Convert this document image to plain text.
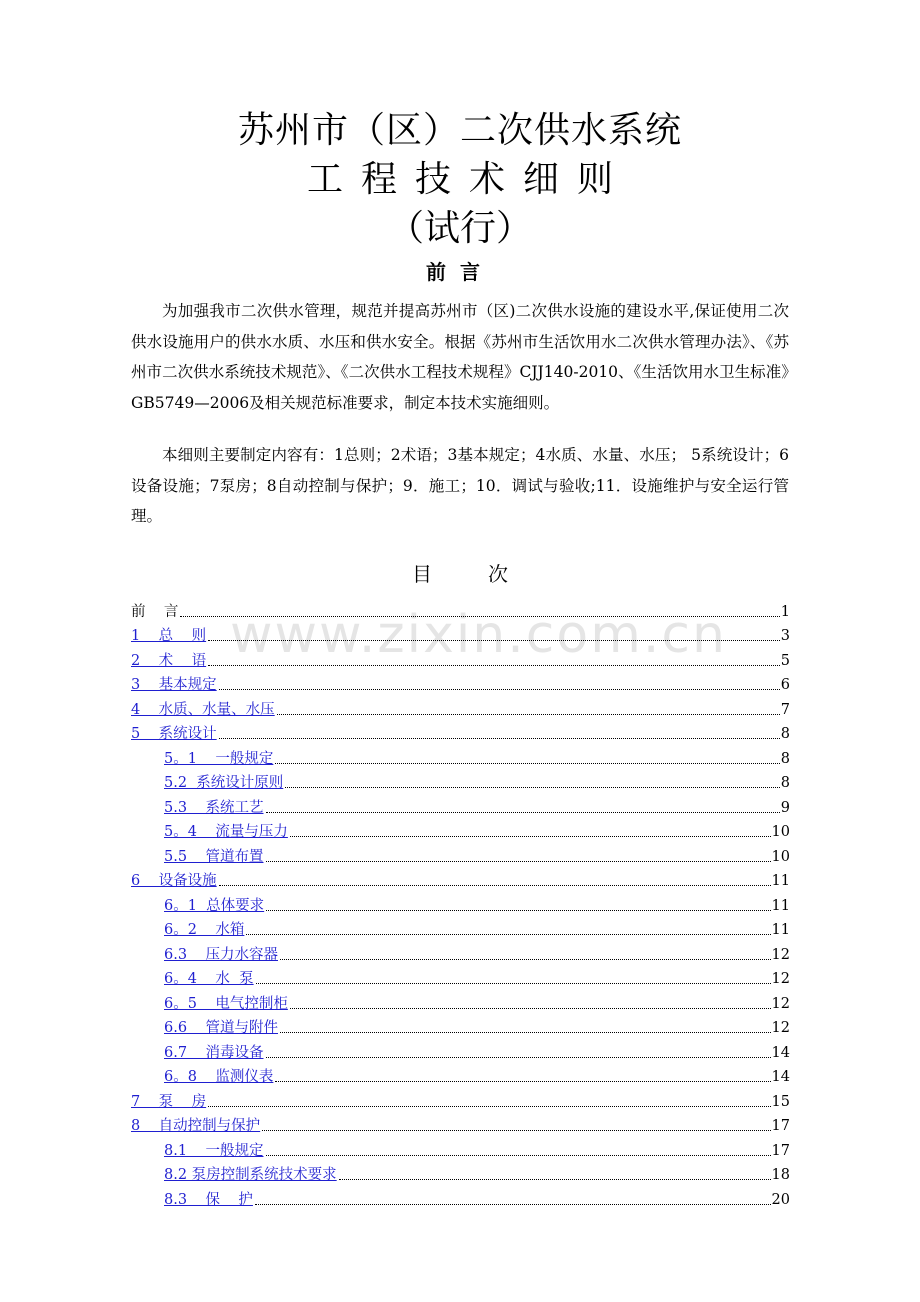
苏州市（区）二次供水系统
工程技术细则
（试行）
前言

为加强我市二次供水管理，规范并提高苏州市（区)二次供水设施的建设水平,保证使用二次供水设施用户的供水水质、水压和供水安全。根据《苏州市生活饮用水二次供水管理办法》、《苏州市二次供水系统技术规范》、《二次供水工程技术规程》CJJ140-2010、《生活饮用水卫生标准》GB5749—2006及相关规范标准要求，制定本技术实施细则。

本细则主要制定内容有：1总则；2术语；3基本规定；4水质、水量、水压； 5系统设计；6设备设施；7泵房；8自动控制与保护；9．施工；10．调试与验收;11．设施维护与安全运行管理。

目次
www.zixin.com.cn
前    言	1
1    总    则	3
2    术    语	5
3    基本规定	6
4    水质、水量、水压	7
5    系统设计	8
5。1    一般规定	8
5.2  系统设计原则	8
5.3    系统工艺	9
5。4    流量与压力	10
5.5    管道布置	10
6    设备设施	11
6。1  总体要求	11
6。2    水箱	11
6.3    压力水容器	12
6。4    水  泵	12
6。5    电气控制柜	12
6.6    管道与附件	12
6.7    消毒设备	14
6。8    监测仪表	14
7    泵    房	15
8    自动控制与保护	17
8.1    一般规定	17
8.2 泵房控制系统技术要求	18
8.3    保    护	20
